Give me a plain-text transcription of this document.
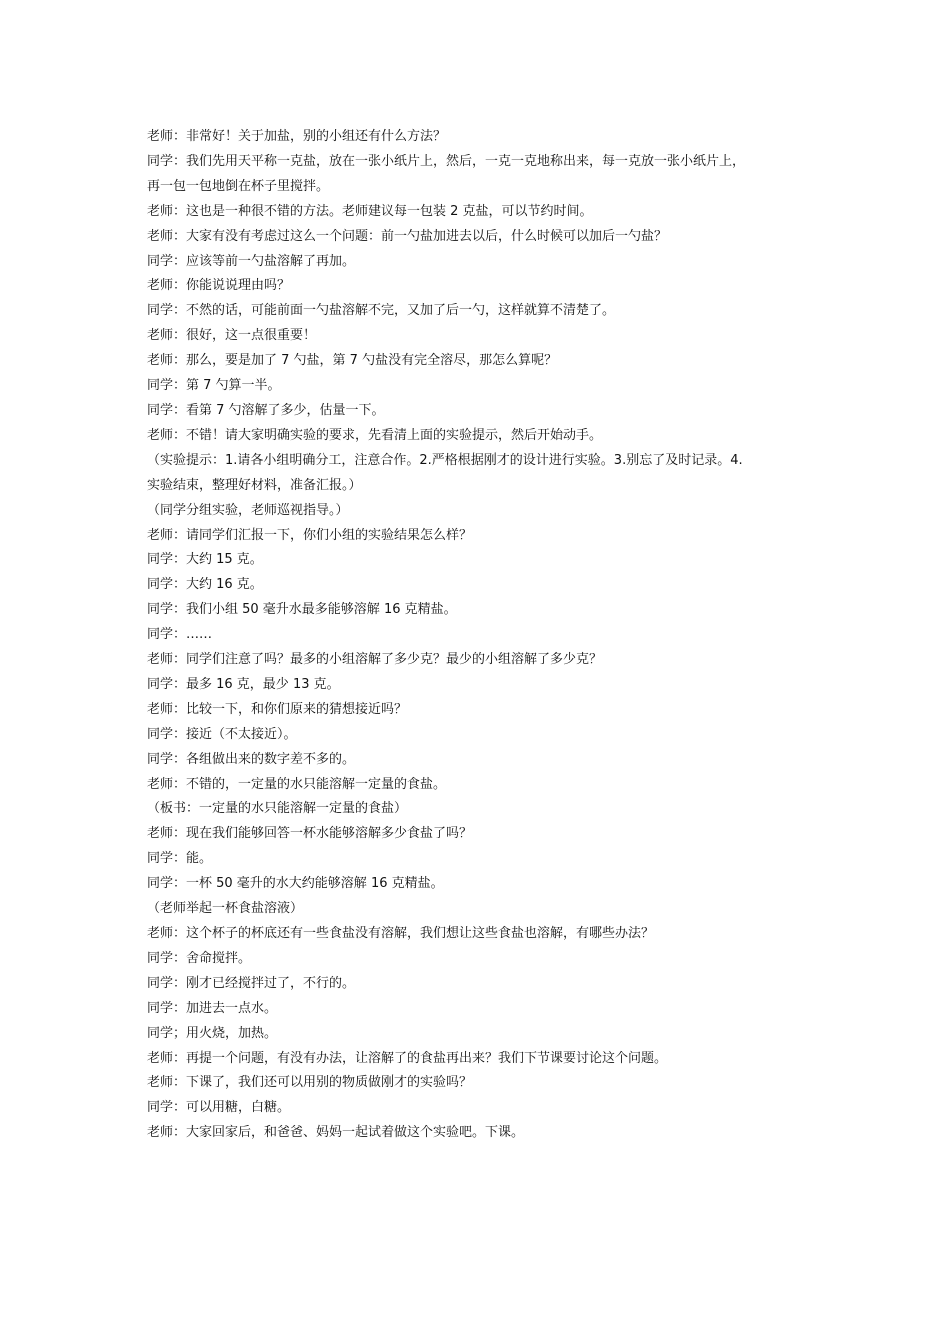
老师：非常好！关于加盐，别的小组还有什么方法？

同学：我们先用天平称一克盐，放在一张小纸片上，然后，一克一克地称出来，每一克放一张小纸片上，

再一包一包地倒在杯子里搅拌。

老师：这也是一种很不错的方法。老师建议每一包装 2 克盐，可以节约时间。

老师：大家有没有考虑过这么一个问题：前一勺盐加进去以后，什么时候可以加后一勺盐？

同学：应该等前一勺盐溶解了再加。

老师：你能说说理由吗？

同学：不然的话，可能前面一勺盐溶解不完，又加了后一勺，这样就算不清楚了。

老师：很好，这一点很重要！

老师：那么，要是加了 7 勺盐，第 7 勺盐没有完全溶尽，那怎么算呢？

同学：第 7 勺算一半。

同学：看第 7 勺溶解了多少，估量一下。

老师：不错！请大家明确实验的要求，先看清上面的实验提示，然后开始动手。

（实验提示：1.请各小组明确分工，注意合作。2.严格根据刚才的设计进行实验。3.别忘了及时记录。4.

实验结束，整理好材料，准备汇报。）

（同学分组实验，老师巡视指导。）

老师：请同学们汇报一下，你们小组的实验结果怎么样？

同学：大约 15 克。

同学：大约 16 克。

同学：我们小组 50 毫升水最多能够溶解 16 克精盐。

同学：……

老师：同学们注意了吗？最多的小组溶解了多少克？最少的小组溶解了多少克？

同学：最多 16 克，最少 13 克。

老师：比较一下，和你们原来的猜想接近吗？

同学：接近（不太接近）。

同学：各组做出来的数字差不多的。

老师：不错的，一定量的水只能溶解一定量的食盐。

（板书：一定量的水只能溶解一定量的食盐）

老师：现在我们能够回答一杯水能够溶解多少食盐了吗？

同学：能。

同学：一杯 50 毫升的水大约能够溶解 16 克精盐。

（老师举起一杯食盐溶液）

老师：这个杯子的杯底还有一些食盐没有溶解，我们想让这些食盐也溶解，有哪些办法？

同学：舍命搅拌。

同学：刚才已经搅拌过了，不行的。

同学：加进去一点水。

同学；用火烧，加热。

老师：再提一个问题，有没有办法，让溶解了的食盐再出来？我们下节课要讨论这个问题。

老师：下课了，我们还可以用别的物质做刚才的实验吗？

同学：可以用糖，白糖。

老师：大家回家后，和爸爸、妈妈一起试着做这个实验吧。下课。
